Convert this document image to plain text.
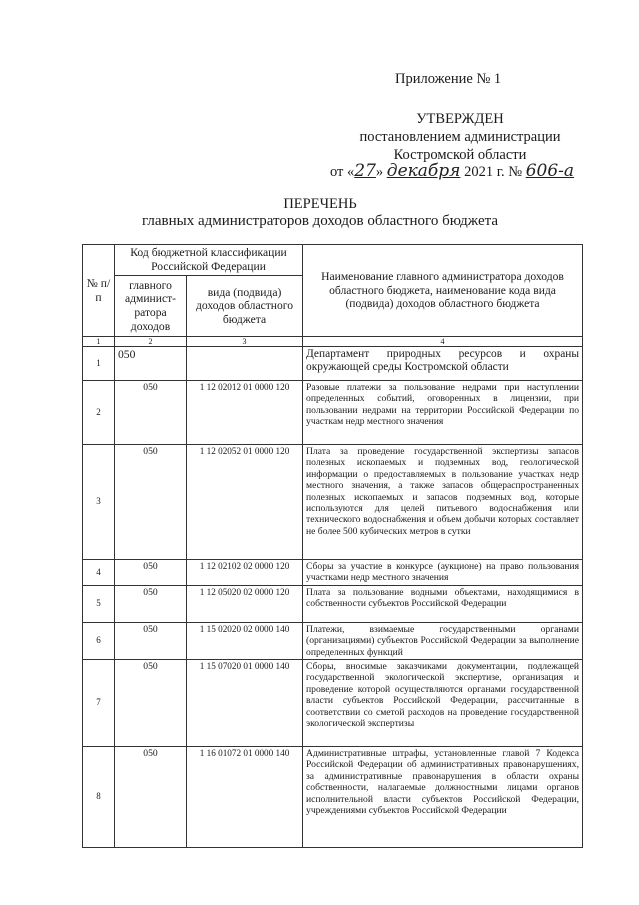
Приложение № 1
УТВЕРЖДЕН
постановлением администрации
Костромской области
от «27» декабря 2021 г. № 606-а
ПЕРЕЧЕНЬ
главных администраторов доходов областного бюджета
№ п/п	Код бюджетной классификации Российской Федерации		Наименование главного администратора доходов областного бюджета, наименование кода вида (подвида) доходов областного бюджета
	главного админист-ратора доходов	вида (подвида) доходов областного бюджета	
1	2	3	4
1	050		Департамент природных ресурсов и охраны окружающей среды Костромской области
2	050	1 12 02012 01 0000 120	Разовые платежи за пользование недрами при наступлении определенных событий, оговоренных в лицензии, при пользовании недрами на территории Российской Федерации по участкам недр местного значения
3	050	1 12 02052 01 0000 120	Плата за проведение государственной экспертизы запасов полезных ископаемых и подземных вод, геологической информации о предоставляемых в пользование участках недр местного значения, а также запасов общераспространенных полезных ископаемых и запасов подземных вод, которые используются для целей питьевого водоснабжения или технического водоснабжения и объем добычи которых составляет не более 500 кубических метров в сутки
4	050	1 12 02102 02 0000 120	Сборы за участие в конкурсе (аукционе) на право пользования участками недр местного значения
5	050	1 12 05020 02 0000 120	Плата за пользование водными объектами, находящимися в собственности субъектов Российской Федерации
6	050	1 15 02020 02 0000 140	Платежи, взимаемые государственными органами (организациями) субъектов Российской Федерации за выполнение определенных функций
7	050	1 15 07020 01 0000 140	Сборы, вносимые заказчиками документации, подлежащей государственной экологической экспертизе, организация и проведение которой осуществляются органами государственной власти субъектов Российской Федерации, рассчитанные в соответствии со сметой расходов на проведение государственной экологической экспертизы
8	050	1 16 01072 01 0000 140	Административные штрафы, установленные главой 7 Кодекса Российской Федерации об административных правонарушениях, за административные правонарушения в области охраны собственности, налагаемые должностными лицами органов исполнительной власти субъектов Российской Федерации, учреждениями субъектов Российской Федерации
